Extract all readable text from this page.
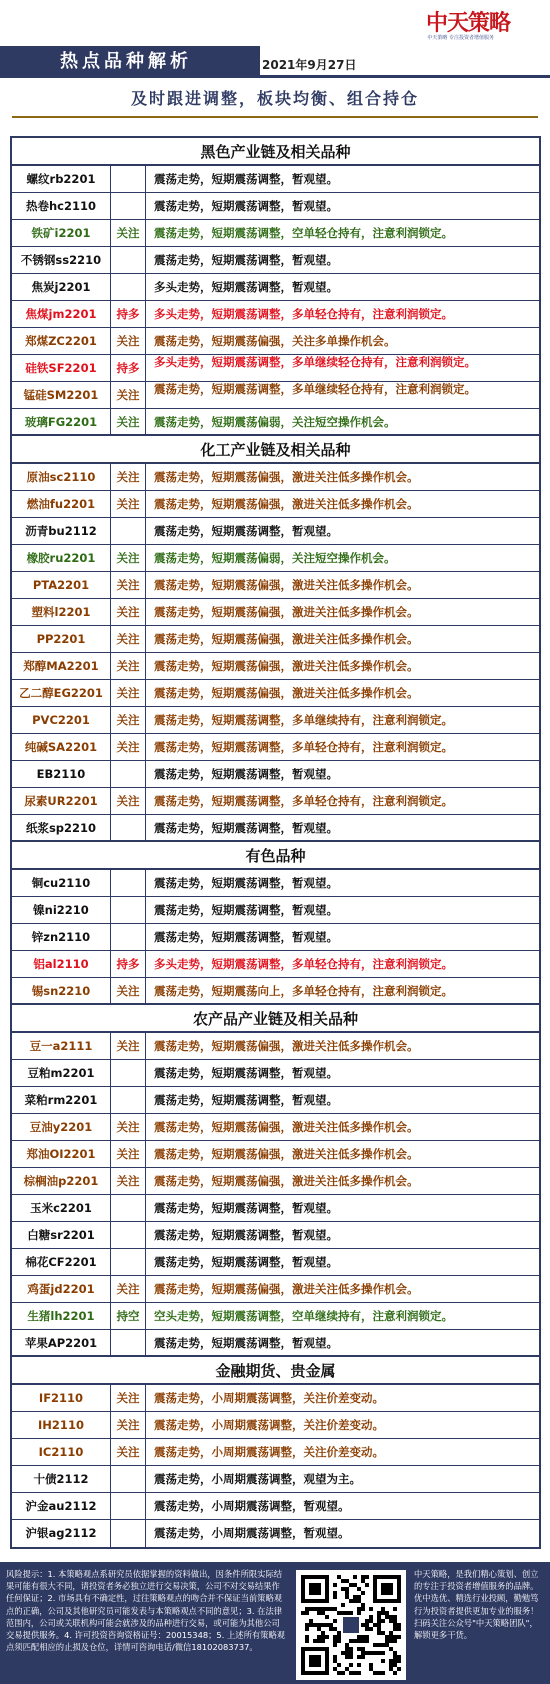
中天策略
中天策略 专注投资者增值服务
热点品种解析	2021年9月27日
及时跟进调整，板块均衡、组合持仓
黑色产业链及相关品种
螺纹rb2201	震荡走势，短期震荡调整，暂观望。
热卷hc2110	震荡走势，短期震荡调整，暂观望。
铁矿i2201	关注	震荡走势，短期震荡调整，空单轻仓持有，注意利润锁定。
不锈钢ss2210	震荡走势，短期震荡调整，暂观望。
焦炭j2201	多头走势，短期震荡调整，暂观望。
焦煤jm2201	持多	多头走势，短期震荡调整，多单轻仓持有，注意利润锁定。
郑煤ZC2201	关注	震荡走势，短期震荡偏强，关注多单操作机会。
硅铁SF2201	持多	多头走势，短期震荡调整，多单继续轻仓持有，注意利润锁定。
锰硅SM2201	关注	震荡走势，短期震荡调整，多单继续轻仓持有，注意利润锁定。
玻璃FG2201	关注	震荡走势，短期震荡偏弱，关注短空操作机会。
化工产业链及相关品种
原油sc2110	关注	震荡走势，短期震荡偏强，激进关注低多操作机会。
燃油fu2201	关注	震荡走势，短期震荡偏强，激进关注低多操作机会。
沥青bu2112	震荡走势，短期震荡调整，暂观望。
橡胶ru2201	关注	震荡走势，短期震荡偏弱，关注短空操作机会。
PTA2201	关注	震荡走势，短期震荡偏强，激进关注低多操作机会。
塑料l2201	关注	震荡走势，短期震荡偏强，激进关注低多操作机会。
PP2201	关注	震荡走势，短期震荡偏强，激进关注低多操作机会。
郑醇MA2201	关注	震荡走势，短期震荡偏强，激进关注低多操作机会。
乙二醇EG2201	关注	震荡走势，短期震荡偏强，激进关注低多操作机会。
PVC2201	关注	震荡走势，短期震荡调整，多单继续持有，注意利润锁定。
纯碱SA2201	关注	震荡走势，短期震荡调整，多单轻仓持有，注意利润锁定。
EB2110	震荡走势，短期震荡调整，暂观望。
尿素UR2201	关注	震荡走势，短期震荡调整，多单轻仓持有，注意利润锁定。
纸浆sp2210	震荡走势，短期震荡调整，暂观望。
有色品种
铜cu2110	震荡走势，短期震荡调整，暂观望。
镍ni2210	震荡走势，短期震荡调整，暂观望。
锌zn2110	震荡走势，短期震荡调整，暂观望。
铝al2110	持多	多头走势，短期震荡调整，多单轻仓持有，注意利润锁定。
锡sn2210	关注	震荡走势，短期震荡向上，多单轻仓持有，注意利润锁定。
农产品产业链及相关品种
豆一a2111	关注	震荡走势，短期震荡偏强，激进关注低多操作机会。
豆粕m2201	震荡走势，短期震荡调整，暂观望。
菜粕rm2201	震荡走势，短期震荡调整，暂观望。
豆油y2201	关注	震荡走势，短期震荡偏强，激进关注低多操作机会。
郑油OI2201	关注	震荡走势，短期震荡偏强，激进关注低多操作机会。
棕榈油p2201	关注	震荡走势，短期震荡偏强，激进关注低多操作机会。
玉米c2201	震荡走势，短期震荡调整，暂观望。
白糖sr2201	震荡走势，短期震荡调整，暂观望。
棉花CF2201	震荡走势，短期震荡调整，暂观望。
鸡蛋jd2201	关注	震荡走势，短期震荡偏强，激进关注低多操作机会。
生猪lh2201	持空	空头走势，短期震荡调整，空单继续持有，注意利润锁定。
苹果AP2201	震荡走势，短期震荡调整，暂观望。
金融期货、贵金属
IF2110	关注	震荡走势，小周期震荡调整，关注价差变动。
IH2110	关注	震荡走势，小周期震荡调整，关注价差变动。
IC2110	关注	震荡走势，小周期震荡调整，关注价差变动。
十债2112	震荡走势，小周期震荡调整，观望为主。
沪金au2112	震荡走势，小周期震荡调整，暂观望。
沪银ag2112	震荡走势，小周期震荡调整，暂观望。
风险提示：1. 本策略观点系研究员依据掌握的资料做出，因条件所限实际结果可能有很大不同，请投资者务必独立进行交易决策，公司不对交易结果作任何保证；2. 市场具有不确定性，过往策略观点的吻合并不保证当前策略观点的正确，公司及其他研究员可能发表与本策略观点不同的意见；3. 在法律范围内，公司或关联机构可能会就涉及的品种进行交易，或可能为其他公司交易提供服务。4. 许可投资咨询资格证号：20015348；5. 上述所有策略观点须匹配相应的止损及仓位，详情可咨询电话/微信18102083737。
中天策略，是我们精心策划、创立的专注于投资者增值服务的品牌。优中选优、精选行业投顾，勤勉笃行为投资者提供更加专业的服务！扫码关注公众号"中天策略团队"，解锁更多干货。
